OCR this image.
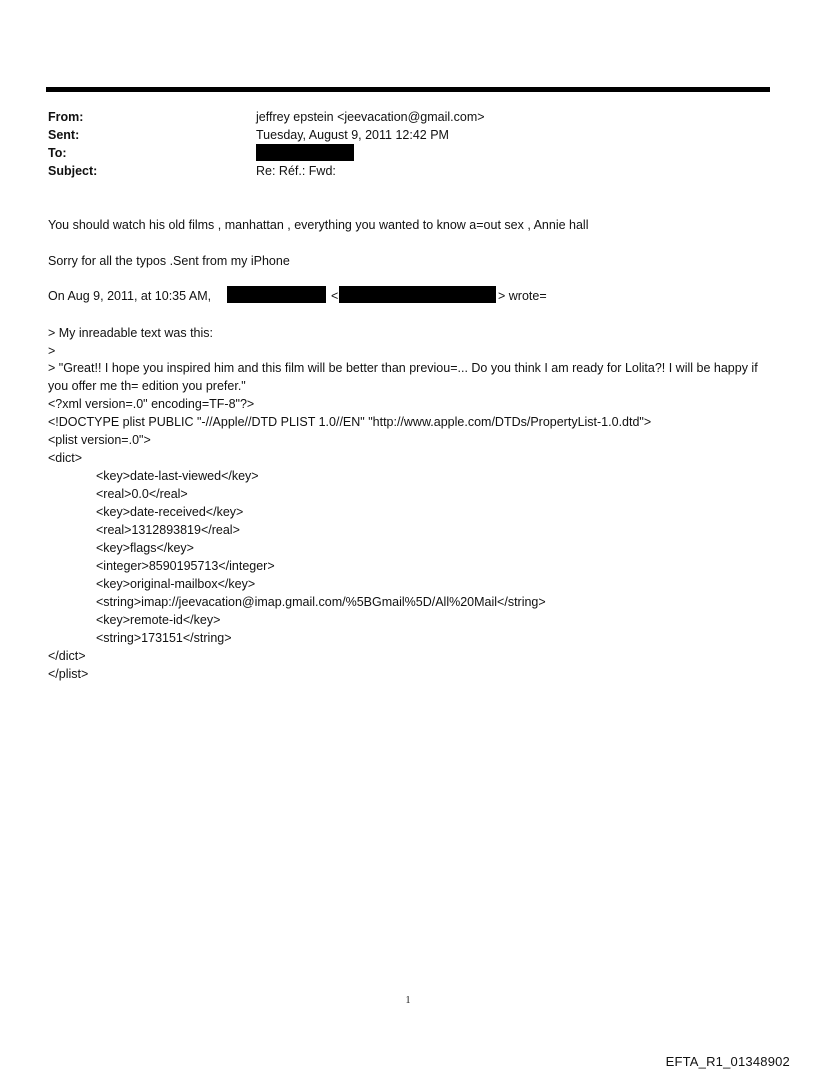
From:	jeffrey epstein <jeevacation@gmail.com>
Sent:	Tuesday, August 9, 2011 12:42 PM
To:
Subject:	Re: Réf.: Fwd:
You should watch his old films , manhattan , everything you wanted to know a=out sex , Annie hall
Sorry for all the typos .Sent from my iPhone
On Aug 9, 2011, at 10:35 AM,	<	> wrote=
> My inreadable text was this:
>
> "Great!! I hope you inspired him and this film will be better than previou=... Do you think I am ready for Lolita?! I will be happy if you offer me th= edition you prefer."
<?xml version=.0" encoding=TF-8"?>
<!DOCTYPE plist PUBLIC "-//Apple//DTD PLIST 1.0//EN" "http://www.apple.com/DTDs/PropertyList-1.0.dtd">
<plist version=.0">
<dict>
<key>date-last-viewed</key>
<real>0.0</real>
<key>date-received</key>
<real>1312893819</real>
<key>flags</key>
<integer>8590195713</integer>
<key>original-mailbox</key>
<string>imap://jeevacation@imap.gmail.com/%5BGmail%5D/All%20Mail</string>
<key>remote-id</key>
<string>173151</string>
</dict>
</plist>
1
EFTA_R1_01348902
